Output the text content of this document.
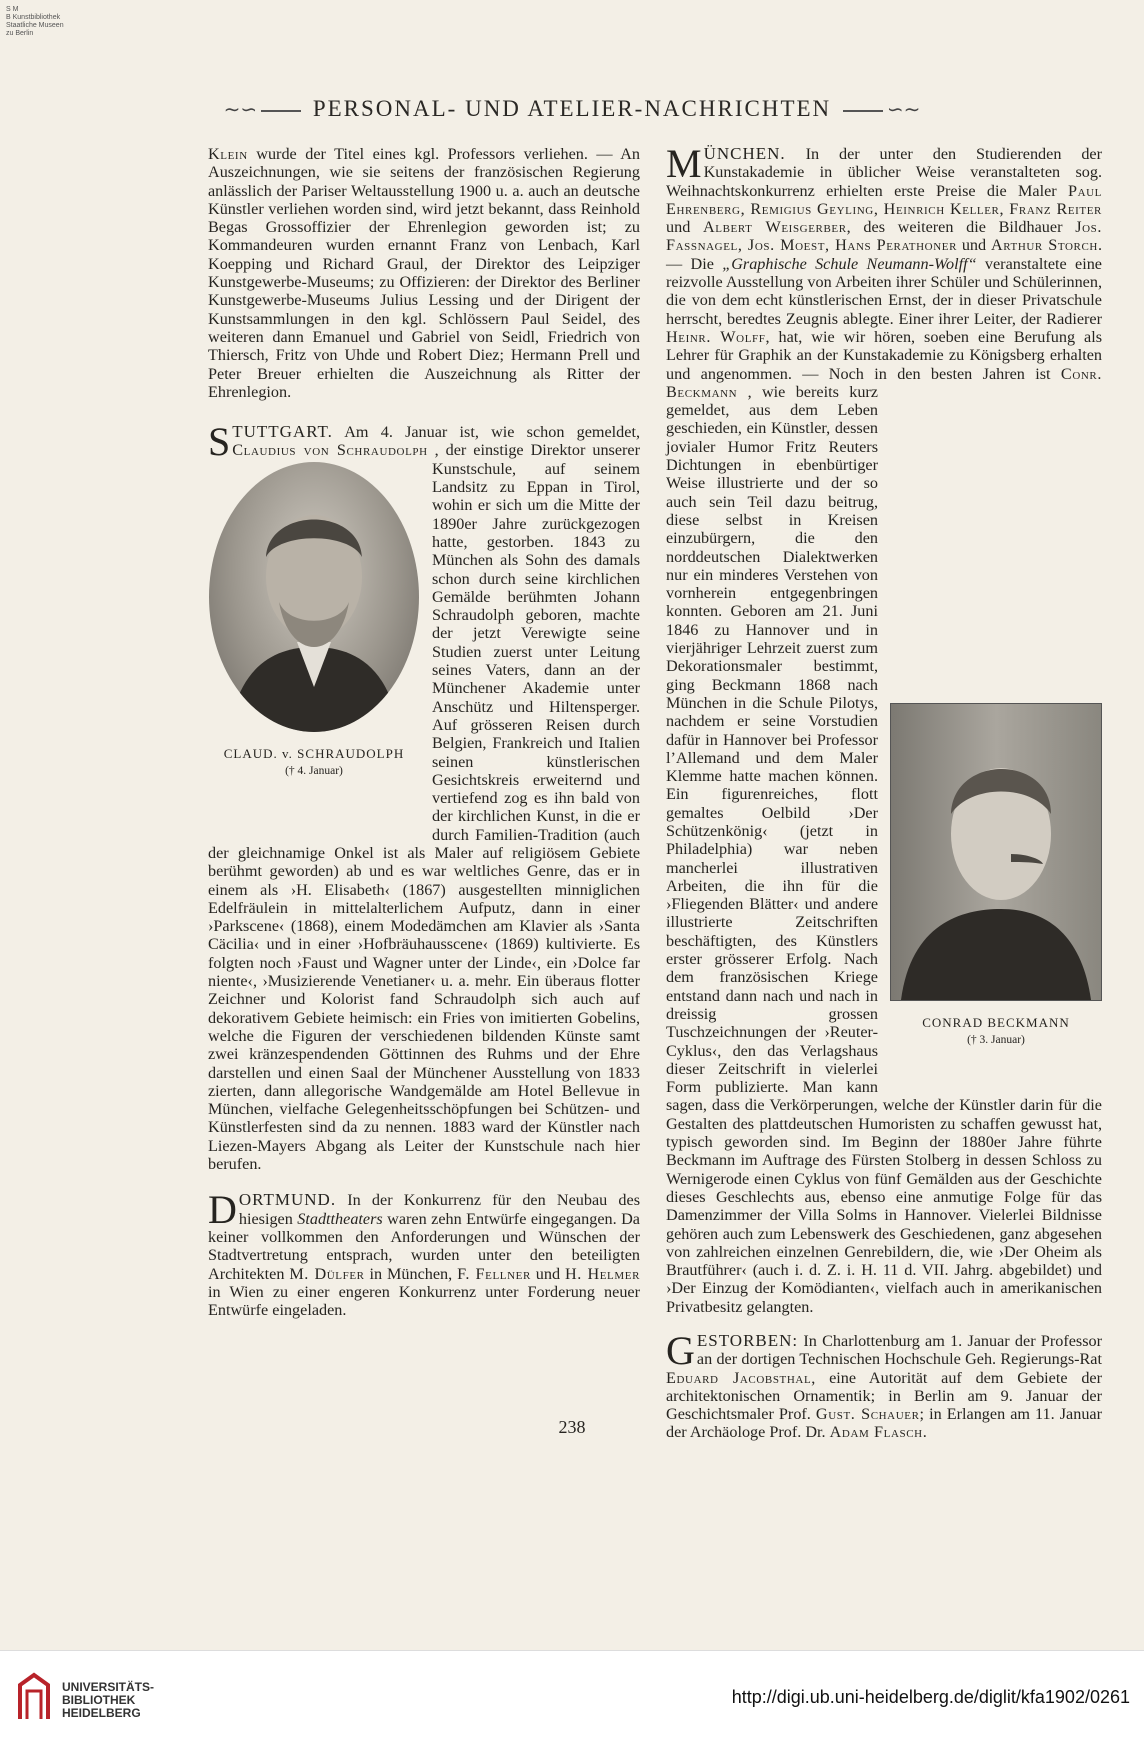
S M
B Kunstbibliothek
Staatliche Museen
zu Berlin
∼∽ PERSONAL- UND ATELIER-NACHRICHTEN	∽∼

Klein wurde der Titel eines kgl. Professors verliehen. — An Auszeichnungen, wie sie seitens der französischen Regierung anlässlich der Pariser Weltausstellung 1900 u. a. auch an deutsche Künstler verliehen worden sind, wird jetzt bekannt, dass Reinhold Begas Grossoffizier der Ehrenlegion geworden ist; zu Kommandeuren wurden ernannt Franz von Lenbach, Karl Koepping und Richard Graul, der Direktor des Leipziger Kunstgewerbe-Museums; zu Offizieren: der Direktor des Berliner Kunstgewerbe-Museums Julius Lessing und der Dirigent der Kunstsammlungen in den kgl. Schlössern Paul Seidel, des weiteren dann Emanuel und Gabriel von Seidl, Friedrich von Thiersch, Fritz von Uhde und Robert Diez; Hermann Prell und Peter Breuer erhielten die Auszeichnung als Ritter der Ehrenlegion.

STUTTGART. Am 4. Januar ist, wie schon gemeldet, Claudius von Schraudolph
CLAUD. v. SCHRAUDOLPH
(† 4. Januar)
, der einstige Direktor unserer Kunstschule, auf seinem Landsitz zu Eppan in Tirol, wohin er sich um die Mitte der 1890er Jahre zurückgezogen hatte, gestorben. 1843 zu München als Sohn des damals schon durch seine kirchlichen Gemälde berühmten Johann Schraudolph geboren, machte der jetzt Verewigte seine Studien zuerst unter Leitung seines Vaters, dann an der Münchener Akademie unter Anschütz und Hiltensperger. Auf grösseren Reisen durch Belgien, Frankreich und Italien seinen künstlerischen Gesichtskreis erweiternd und vertiefend zog es ihn bald von der kirchlichen Kunst, in die er durch Familien-Tradition (auch der gleichnamige Onkel ist als Maler auf religiösem Gebiete berühmt geworden) ab und es war weltliches Genre, das er in einem als ›H. Elisabeth‹ (1867) ausgestellten minniglichen Edelfräulein in mittelalterlichem Aufputz, dann in einer ›Parkscene‹ (1868), einem Modedämchen am Klavier als ›Santa Cäcilia‹ und in einer ›Hofbräuhausscene‹ (1869) kultivierte. Es folgten noch ›Faust und Wagner unter der Linde‹, ein ›Dolce far niente‹, ›Musizierende Venetianer‹ u. a. mehr. Ein überaus flotter Zeichner und Kolorist fand Schraudolph sich auch auf dekorativem Gebiete heimisch: ein Fries von imitierten Gobelins, welche die Figuren der verschiedenen bildenden Künste samt zwei kränzespendenden Göttinnen des Ruhms und der Ehre darstellen und einen Saal der Münchener Ausstellung von 1833 zierten, dann allegorische Wandgemälde am Hotel Bellevue in München, vielfache Gelegenheitsschöpfungen bei Schützen- und Künstlerfesten sind da zu nennen. 1883 ward der Künstler nach Liezen-Mayers Abgang als Leiter der Kunstschule nach hier berufen.

DORTMUND. In der Konkurrenz für den Neubau des hiesigen Stadttheaters waren zehn Entwürfe eingegangen. Da keiner vollkommen den Anforderungen und Wünschen der Stadtvertretung entsprach, wurden unter den beteiligten Architekten M. Dülfer in München, F. Fellner und H. Helmer in Wien zu einer engeren Konkurrenz unter Forderung neuer Entwürfe eingeladen.

MÜNCHEN. In der unter den Studierenden der Kunstakademie in üblicher Weise veranstalteten sog. Weihnachtskonkurrenz erhielten erste Preise die Maler Paul Ehrenberg, Remigius Geyling, Heinrich Keller, Franz Reiter und Albert Weisgerber, des weiteren die Bildhauer Jos. Fassnagel, Jos. Moest, Hans Perathoner und Arthur Storch. — Die „Graphische Schule Neumann-Wolff“ veranstaltete eine reizvolle Ausstellung von Arbeiten ihrer Schüler und Schülerinnen, die von dem echt künstlerischen Ernst, der in dieser Privatschule herrscht, beredtes Zeugnis ablegte. Einer ihrer Leiter, der Radierer Heinr. Wolff, hat, wie wir hören, soeben eine Berufung als Lehrer für Graphik an der Kunstakademie zu Königsberg erhalten und angenommen. — Noch in den besten Jahren ist Conr. Beckmann
CONRAD BECKMANN
(† 3. Januar)
, wie bereits kurz gemeldet, aus dem Leben geschieden, ein Künstler, dessen jovialer Humor Fritz Reuters Dichtungen in ebenbürtiger Weise illustrierte und der so auch sein Teil dazu beitrug, diese selbst in Kreisen einzubürgern, die den norddeutschen Dialektwerken nur ein minderes Verstehen von vornherein entgegenbringen konnten. Geboren am 21. Juni 1846 zu Hannover und in vierjähriger Lehrzeit zuerst zum Dekorationsmaler bestimmt, ging Beckmann 1868 nach München in die Schule Pilotys, nachdem er seine Vorstudien dafür in Hannover bei Professor l’Allemand und dem Maler Klemme hatte machen können. Ein figurenreiches, flott gemaltes Oelbild ›Der Schützenkönig‹ (jetzt in Philadelphia) war neben mancherlei illustrativen Arbeiten, die ihn für die ›Fliegenden Blätter‹ und andere illustrierte Zeitschriften beschäftigten, des Künstlers erster grösserer Erfolg. Nach dem französischen Kriege entstand dann nach und nach in dreissig grossen Tuschzeichnungen der ›Reuter-Cyklus‹, den das Verlagshaus dieser Zeitschrift in vielerlei Form publizierte. Man kann sagen, dass die Verkörperungen, welche der Künstler darin für die Gestalten des plattdeutschen Humoristen zu schaffen gewusst hat, typisch geworden sind. Im Beginn der 1880er Jahre führte Beckmann im Auftrage des Fürsten Stolberg in dessen Schloss zu Wernigerode einen Cyklus von fünf Gemälden aus der Geschichte dieses Geschlechts aus, ebenso eine anmutige Folge für das Damenzimmer der Villa Solms in Hannover. Vielerlei Bildnisse gehören auch zum Lebenswerk des Geschiedenen, ganz abgesehen von zahlreichen einzelnen Genrebildern, die, wie ›Der Oheim als Brautführer‹ (auch i. d. Z. i. H. 11 d. VII. Jahrg. abgebildet) und ›Der Einzug der Komödianten‹, vielfach auch in amerikanischen Privatbesitz gelangten.

GESTORBEN: In Charlottenburg am 1. Januar der Professor an der dortigen Technischen Hochschule Geh. Regierungs-Rat Eduard Jacobsthal, eine Autorität auf dem Gebiete der architektonischen Ornamentik; in Berlin am 9. Januar der Geschichtsmaler Prof. Gust. Schauer; in Erlangen am 11. Januar der Archäologe Prof. Dr. Adam Flasch.

238
UNIVERSITÄTS-
BIBLIOTHEK
HEIDELBERG
http://digi.ub.uni-heidelberg.de/diglit/kfa1902/0261
